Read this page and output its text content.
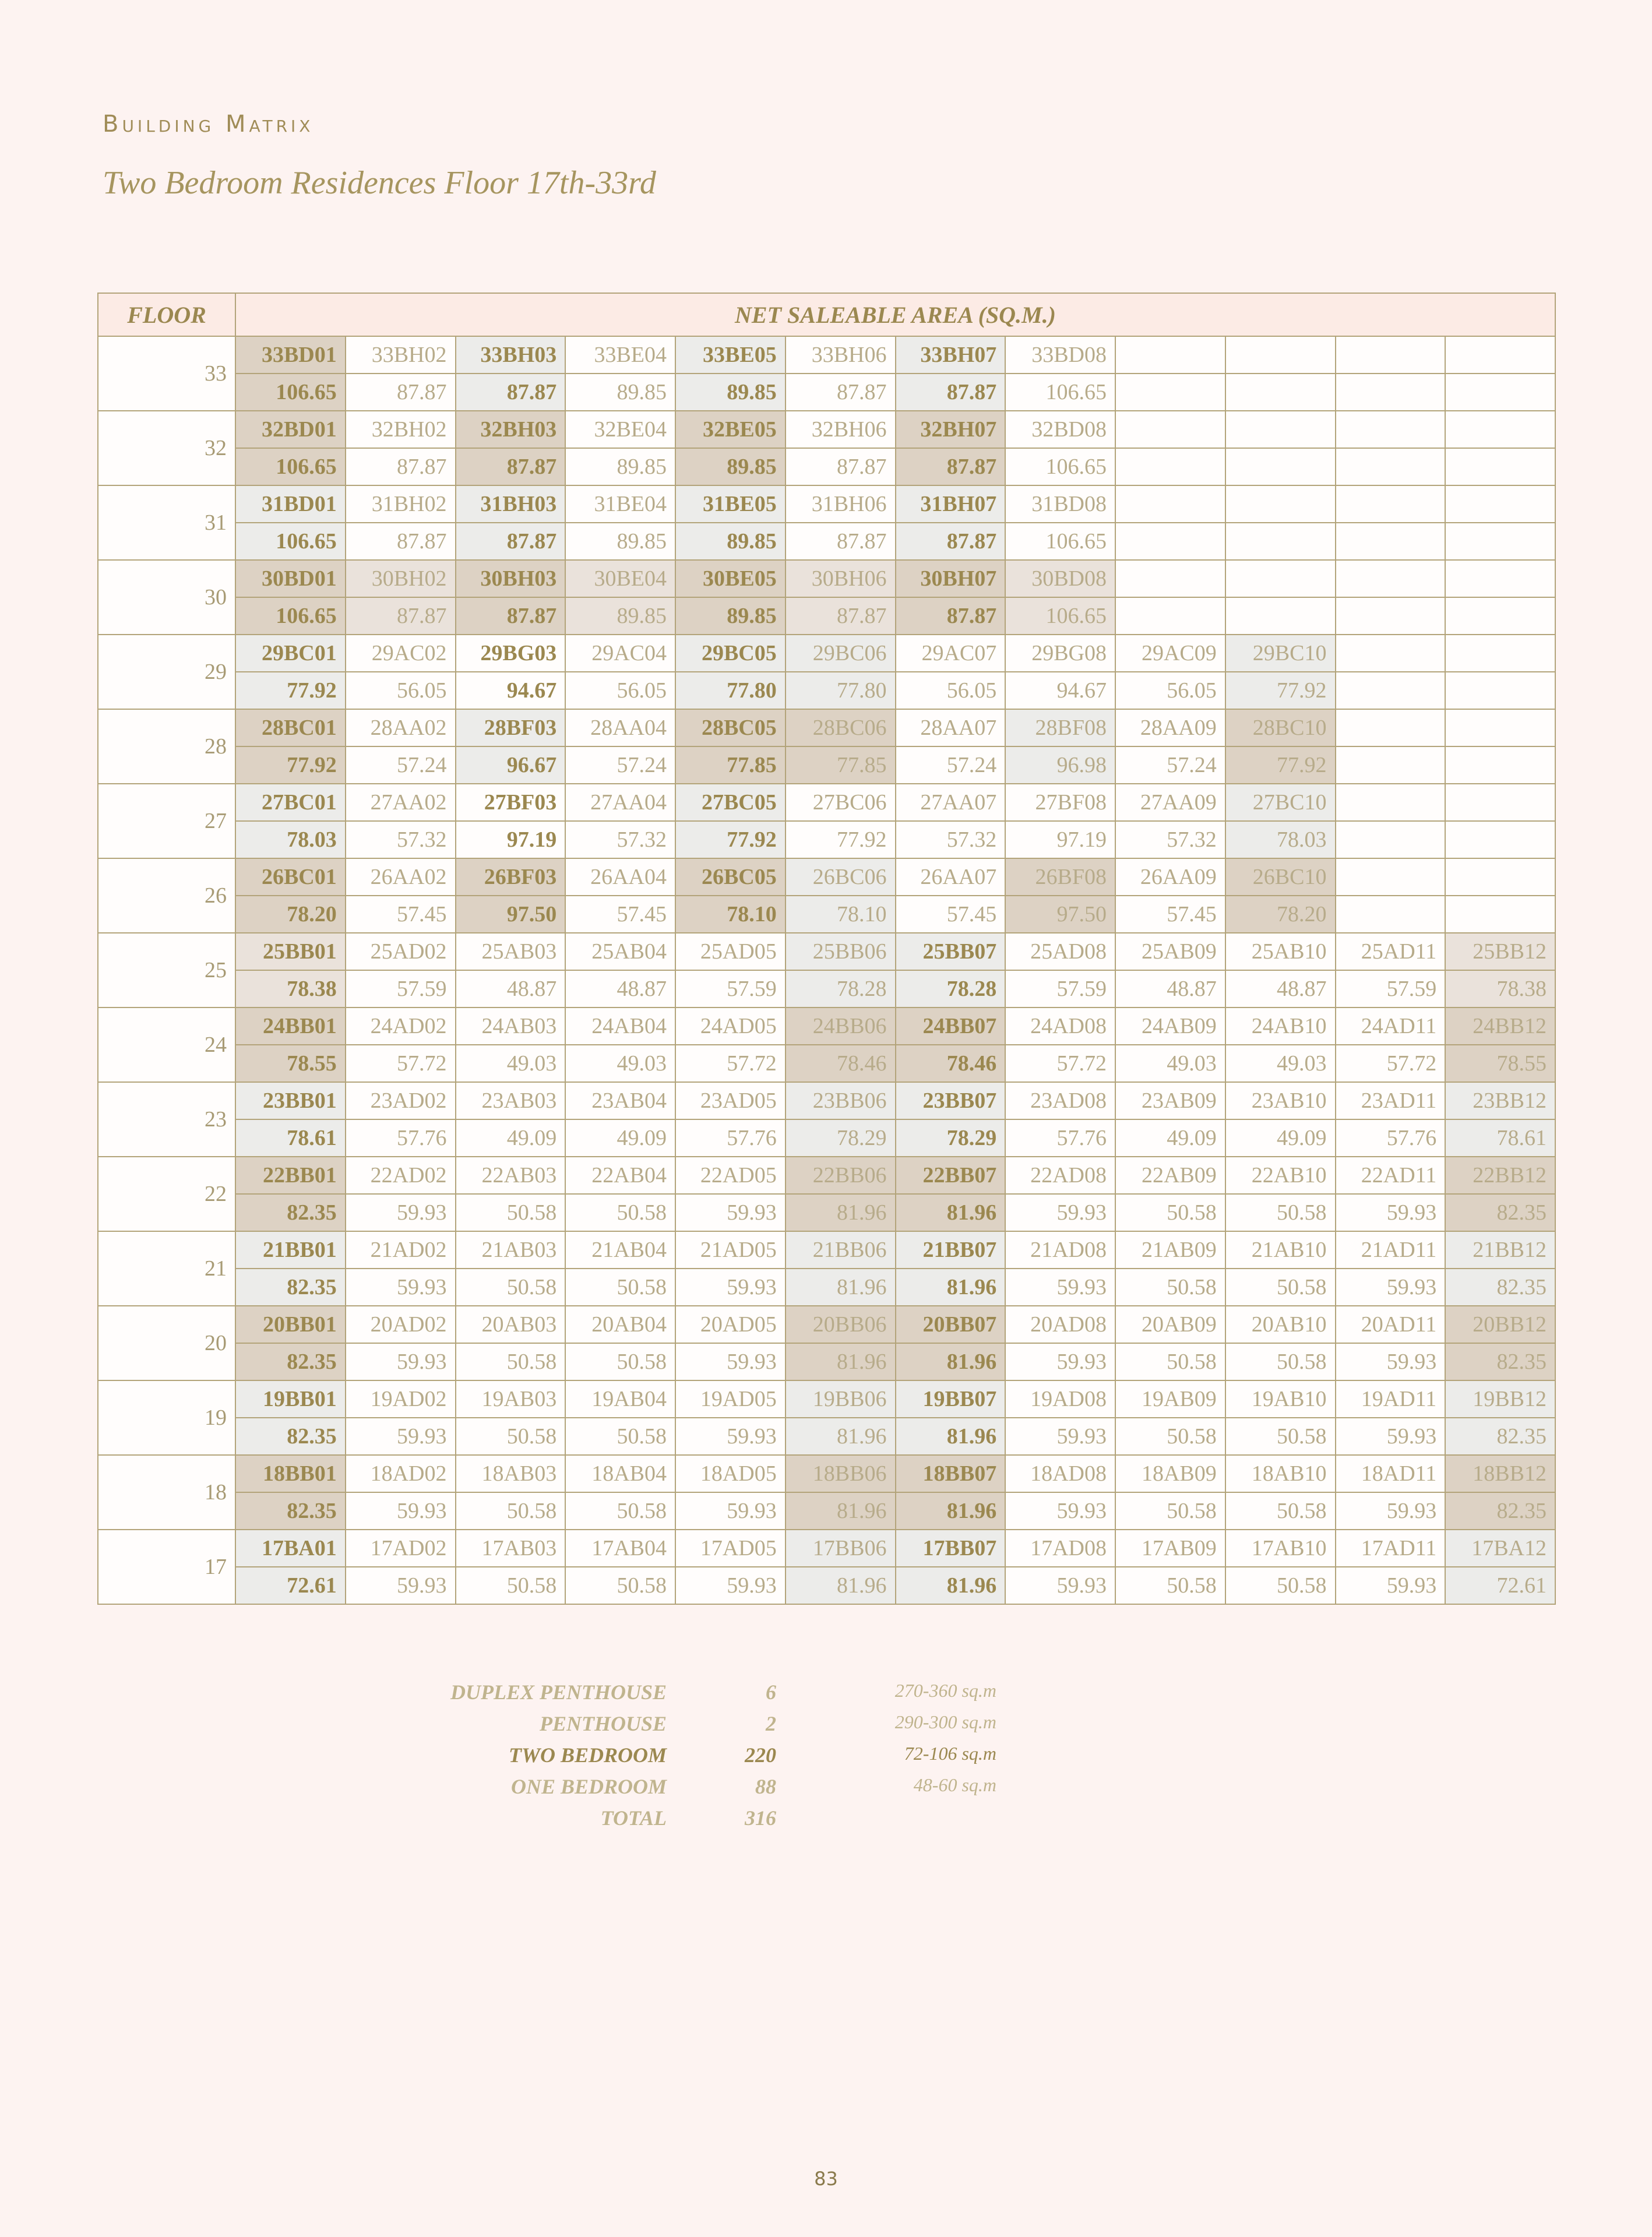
Building Matrix
Two Bedroom Residences Floor 17th-33rd
FLOOR	NET SALEABLE AREA (SQ.M.)											
33	33BD01	33BH02	33BH03	33BE04	33BE05	33BH06	33BH07	33BD08				
	106.65	87.87	87.87	89.85	89.85	87.87	87.87	106.65				
32	32BD01	32BH02	32BH03	32BE04	32BE05	32BH06	32BH07	32BD08				
	106.65	87.87	87.87	89.85	89.85	87.87	87.87	106.65				
31	31BD01	31BH02	31BH03	31BE04	31BE05	31BH06	31BH07	31BD08				
	106.65	87.87	87.87	89.85	89.85	87.87	87.87	106.65				
30	30BD01	30BH02	30BH03	30BE04	30BE05	30BH06	30BH07	30BD08				
	106.65	87.87	87.87	89.85	89.85	87.87	87.87	106.65				
29	29BC01	29AC02	29BG03	29AC04	29BC05	29BC06	29AC07	29BG08	29AC09	29BC10		
	77.92	56.05	94.67	56.05	77.80	77.80	56.05	94.67	56.05	77.92		
28	28BC01	28AA02	28BF03	28AA04	28BC05	28BC06	28AA07	28BF08	28AA09	28BC10		
	77.92	57.24	96.67	57.24	77.85	77.85	57.24	96.98	57.24	77.92		
27	27BC01	27AA02	27BF03	27AA04	27BC05	27BC06	27AA07	27BF08	27AA09	27BC10		
	78.03	57.32	97.19	57.32	77.92	77.92	57.32	97.19	57.32	78.03		
26	26BC01	26AA02	26BF03	26AA04	26BC05	26BC06	26AA07	26BF08	26AA09	26BC10		
	78.20	57.45	97.50	57.45	78.10	78.10	57.45	97.50	57.45	78.20		
25	25BB01	25AD02	25AB03	25AB04	25AD05	25BB06	25BB07	25AD08	25AB09	25AB10	25AD11	25BB12
	78.38	57.59	48.87	48.87	57.59	78.28	78.28	57.59	48.87	48.87	57.59	78.38
24	24BB01	24AD02	24AB03	24AB04	24AD05	24BB06	24BB07	24AD08	24AB09	24AB10	24AD11	24BB12
	78.55	57.72	49.03	49.03	57.72	78.46	78.46	57.72	49.03	49.03	57.72	78.55
23	23BB01	23AD02	23AB03	23AB04	23AD05	23BB06	23BB07	23AD08	23AB09	23AB10	23AD11	23BB12
	78.61	57.76	49.09	49.09	57.76	78.29	78.29	57.76	49.09	49.09	57.76	78.61
22	22BB01	22AD02	22AB03	22AB04	22AD05	22BB06	22BB07	22AD08	22AB09	22AB10	22AD11	22BB12
	82.35	59.93	50.58	50.58	59.93	81.96	81.96	59.93	50.58	50.58	59.93	82.35
21	21BB01	21AD02	21AB03	21AB04	21AD05	21BB06	21BB07	21AD08	21AB09	21AB10	21AD11	21BB12
	82.35	59.93	50.58	50.58	59.93	81.96	81.96	59.93	50.58	50.58	59.93	82.35
20	20BB01	20AD02	20AB03	20AB04	20AD05	20BB06	20BB07	20AD08	20AB09	20AB10	20AD11	20BB12
	82.35	59.93	50.58	50.58	59.93	81.96	81.96	59.93	50.58	50.58	59.93	82.35
19	19BB01	19AD02	19AB03	19AB04	19AD05	19BB06	19BB07	19AD08	19AB09	19AB10	19AD11	19BB12
	82.35	59.93	50.58	50.58	59.93	81.96	81.96	59.93	50.58	50.58	59.93	82.35
18	18BB01	18AD02	18AB03	18AB04	18AD05	18BB06	18BB07	18AD08	18AB09	18AB10	18AD11	18BB12
	82.35	59.93	50.58	50.58	59.93	81.96	81.96	59.93	50.58	50.58	59.93	82.35
17	17BA01	17AD02	17AB03	17AB04	17AD05	17BB06	17BB07	17AD08	17AB09	17AB10	17AD11	17BA12
	72.61	59.93	50.58	50.58	59.93	81.96	81.96	59.93	50.58	50.58	59.93	72.61
DUPLEX PENTHOUSE	6	270-360 sq.m
PENTHOUSE	2	290-300 sq.m
TWO BEDROOM	220	72-106 sq.m
ONE BEDROOM	88	48-60 sq.m
TOTAL	316
83
